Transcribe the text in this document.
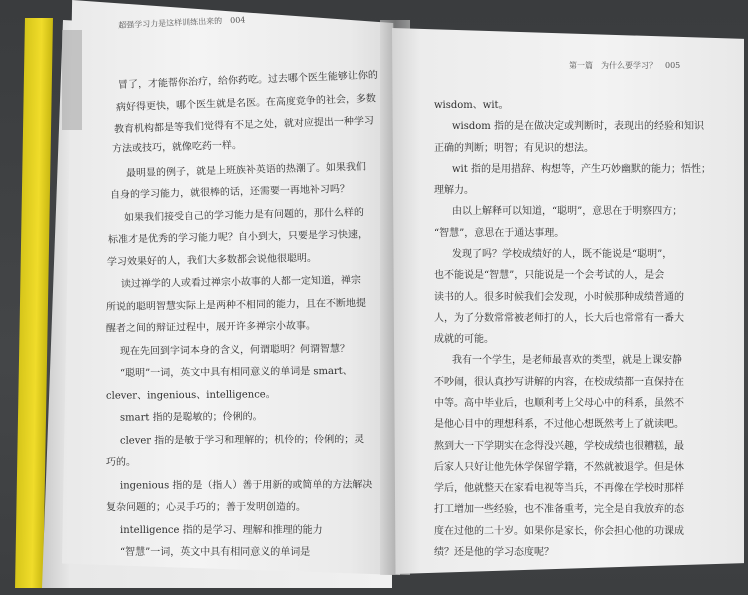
超强学习力是这样训练出来的　004
第一篇　为什么要学习？ 005
冒了，才能帮你治疗，给你药吃。过去哪个医生能够让你的
病好得更快，哪个医生就是名医。在高度竞争的社会，多数
教育机构都是等我们觉得有不足之处，就对应提出一种学习
方法或技巧，就像吃药一样。
最明显的例子，就是上班族补英语的热潮了。如果我们
自身的学习能力，就很棒的话，还需要一再地补习吗？
如果我们接受自己的学习能力是有问题的，那什么样的
标准才是优秀的学习能力呢？自小到大，只要是学习快速，
学习效果好的人，我们大多数都会说他很聪明。
读过禅学的人或看过禅宗小故事的人都一定知道，禅宗
所说的聪明智慧实际上是两种不相同的能力，且在不断地提
醒者之间的辩证过程中，展开许多禅宗小故事。
现在先回到字词本身的含义，何谓聪明？何谓智慧？
“聪明”一词，英文中具有相同意义的单词是 smart、
clever、ingenious、intelligence。
smart 指的是聪敏的；伶俐的。
clever 指的是敏于学习和理解的；机伶的；伶俐的；灵
巧的。
ingenious 指的是（指人）善于用新的或简单的方法解决
复杂问题的；心灵手巧的；善于发明创造的。
intelligence 指的是学习、理解和推理的能力
“智慧”一词，英文中具有相同意义的单词是
wisdom、wit。
wisdom 指的是在做决定或判断时，表现出的经验和知识
正确的判断；明智；有见识的想法。
wit 指的是用措辞、构想等，产生巧妙幽默的能力；悟性；
理解力。
由以上解释可以知道，“聪明”，意思在于明察四方；
“智慧”，意思在于通达事理。
发现了吗？学校成绩好的人，既不能说是“聪明”，
也不能说是“智慧”，只能说是一个会考试的人，是会
读书的人。很多时候我们会发现，小时候那种成绩普通的
人，为了分数常常被老师打的人，长大后也常常有一番大
成就的可能。
我有一个学生，是老师最喜欢的类型，就是上课安静
不吵闹，很认真抄写讲解的内容，在校成绩都一直保持在
中等。高中毕业后，也顺利考上父母心中的科系，虽然不
是他心目中的理想科系，不过他心想既然考上了就读吧。
熬到大一下学期实在念得没兴趣，学校成绩也很糟糕，最
后家人只好让他先休学保留学籍，不然就被退学。但是休
学后，他就整天在家看电视等当兵，不再像在学校时那样
打工增加一些经验，也不准备重考，完全是自我放弃的态
度在过他的二十岁。如果你是家长，你会担心他的功课成
绩？还是他的学习态度呢？
